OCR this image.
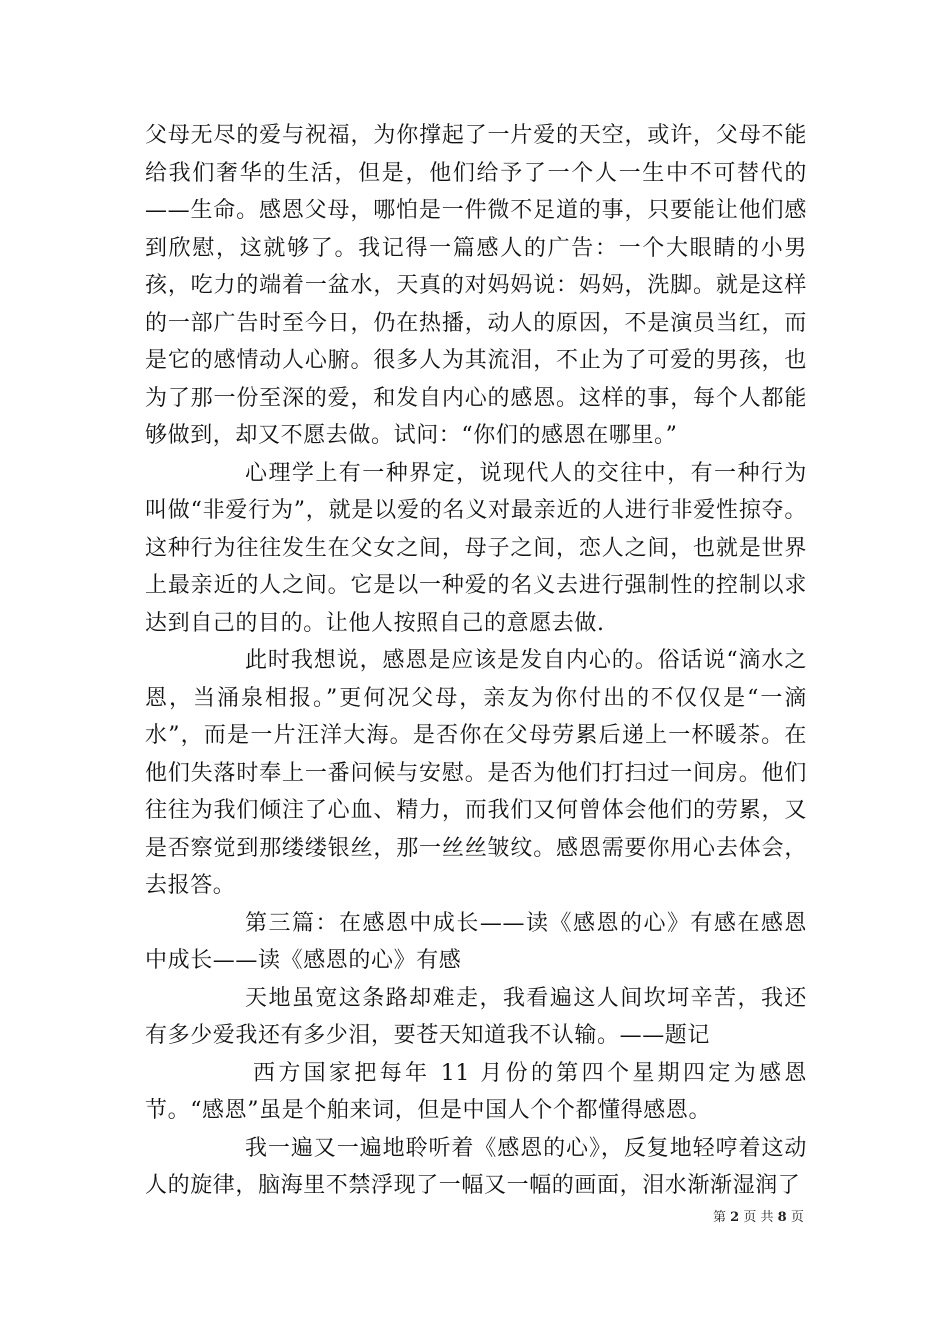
父母无尽的爱与祝福，为你撑起了一片爱的天空，或许，父母不能给我们奢华的生活，但是，他们给予了一个人一生中不可替代的——生命。感恩父母，哪怕是一件微不足道的事，只要能让他们感到欣慰，这就够了。我记得一篇感人的广告：一个大眼睛的小男孩，吃力的端着一盆水，天真的对妈妈说：妈妈，洗脚。就是这样的一部广告时至今日，仍在热播，动人的原因，不是演员当红，而是它的感情动人心腑。很多人为其流泪，不止为了可爱的男孩，也为了那一份至深的爱，和发自内心的感恩。这样的事，每个人都能够做到，却又不愿去做。试问：“你们的感恩在哪里。”

心理学上有一种界定，说现代人的交往中，有一种行为叫做“非爱行为”，就是以爱的名义对最亲近的人进行非爱性掠夺。这种行为往往发生在父女之间，母子之间，恋人之间，也就是世界上最亲近的人之间。它是以一种爱的名义去进行强制性的控制以求达到自己的目的。让他人按照自己的意愿去做.

此时我想说，感恩是应该是发自内心的。俗话说“滴水之恩，当涌泉相报。”更何况父母，亲友为你付出的不仅仅是“一滴水”，而是一片汪洋大海。是否你在父母劳累后递上一杯暖茶。在他们失落时奉上一番问候与安慰。是否为他们打扫过一间房。他们往往为我们倾注了心血、精力，而我们又何曾体会他们的劳累，又是否察觉到那缕缕银丝，那一丝丝皱纹。感恩需要你用心去体会，去报答。

第三篇：在感恩中成长——读《感恩的心》有感在感恩中成长——读《感恩的心》有感

天地虽宽这条路却难走，我看遍这人间坎坷辛苦，我还有多少爱我还有多少泪，要苍天知道我不认输。——题记

西方国家把每年 11 月份的第四个星期四定为感恩节。“感恩”虽是个舶来词，但是中国人个个都懂得感恩。

我一遍又一遍地聆听着《感恩的心》，反复地轻哼着这动人的旋律，脑海里不禁浮现了一幅又一幅的画面，泪水渐渐湿润了

第 2 页 共 8 页
